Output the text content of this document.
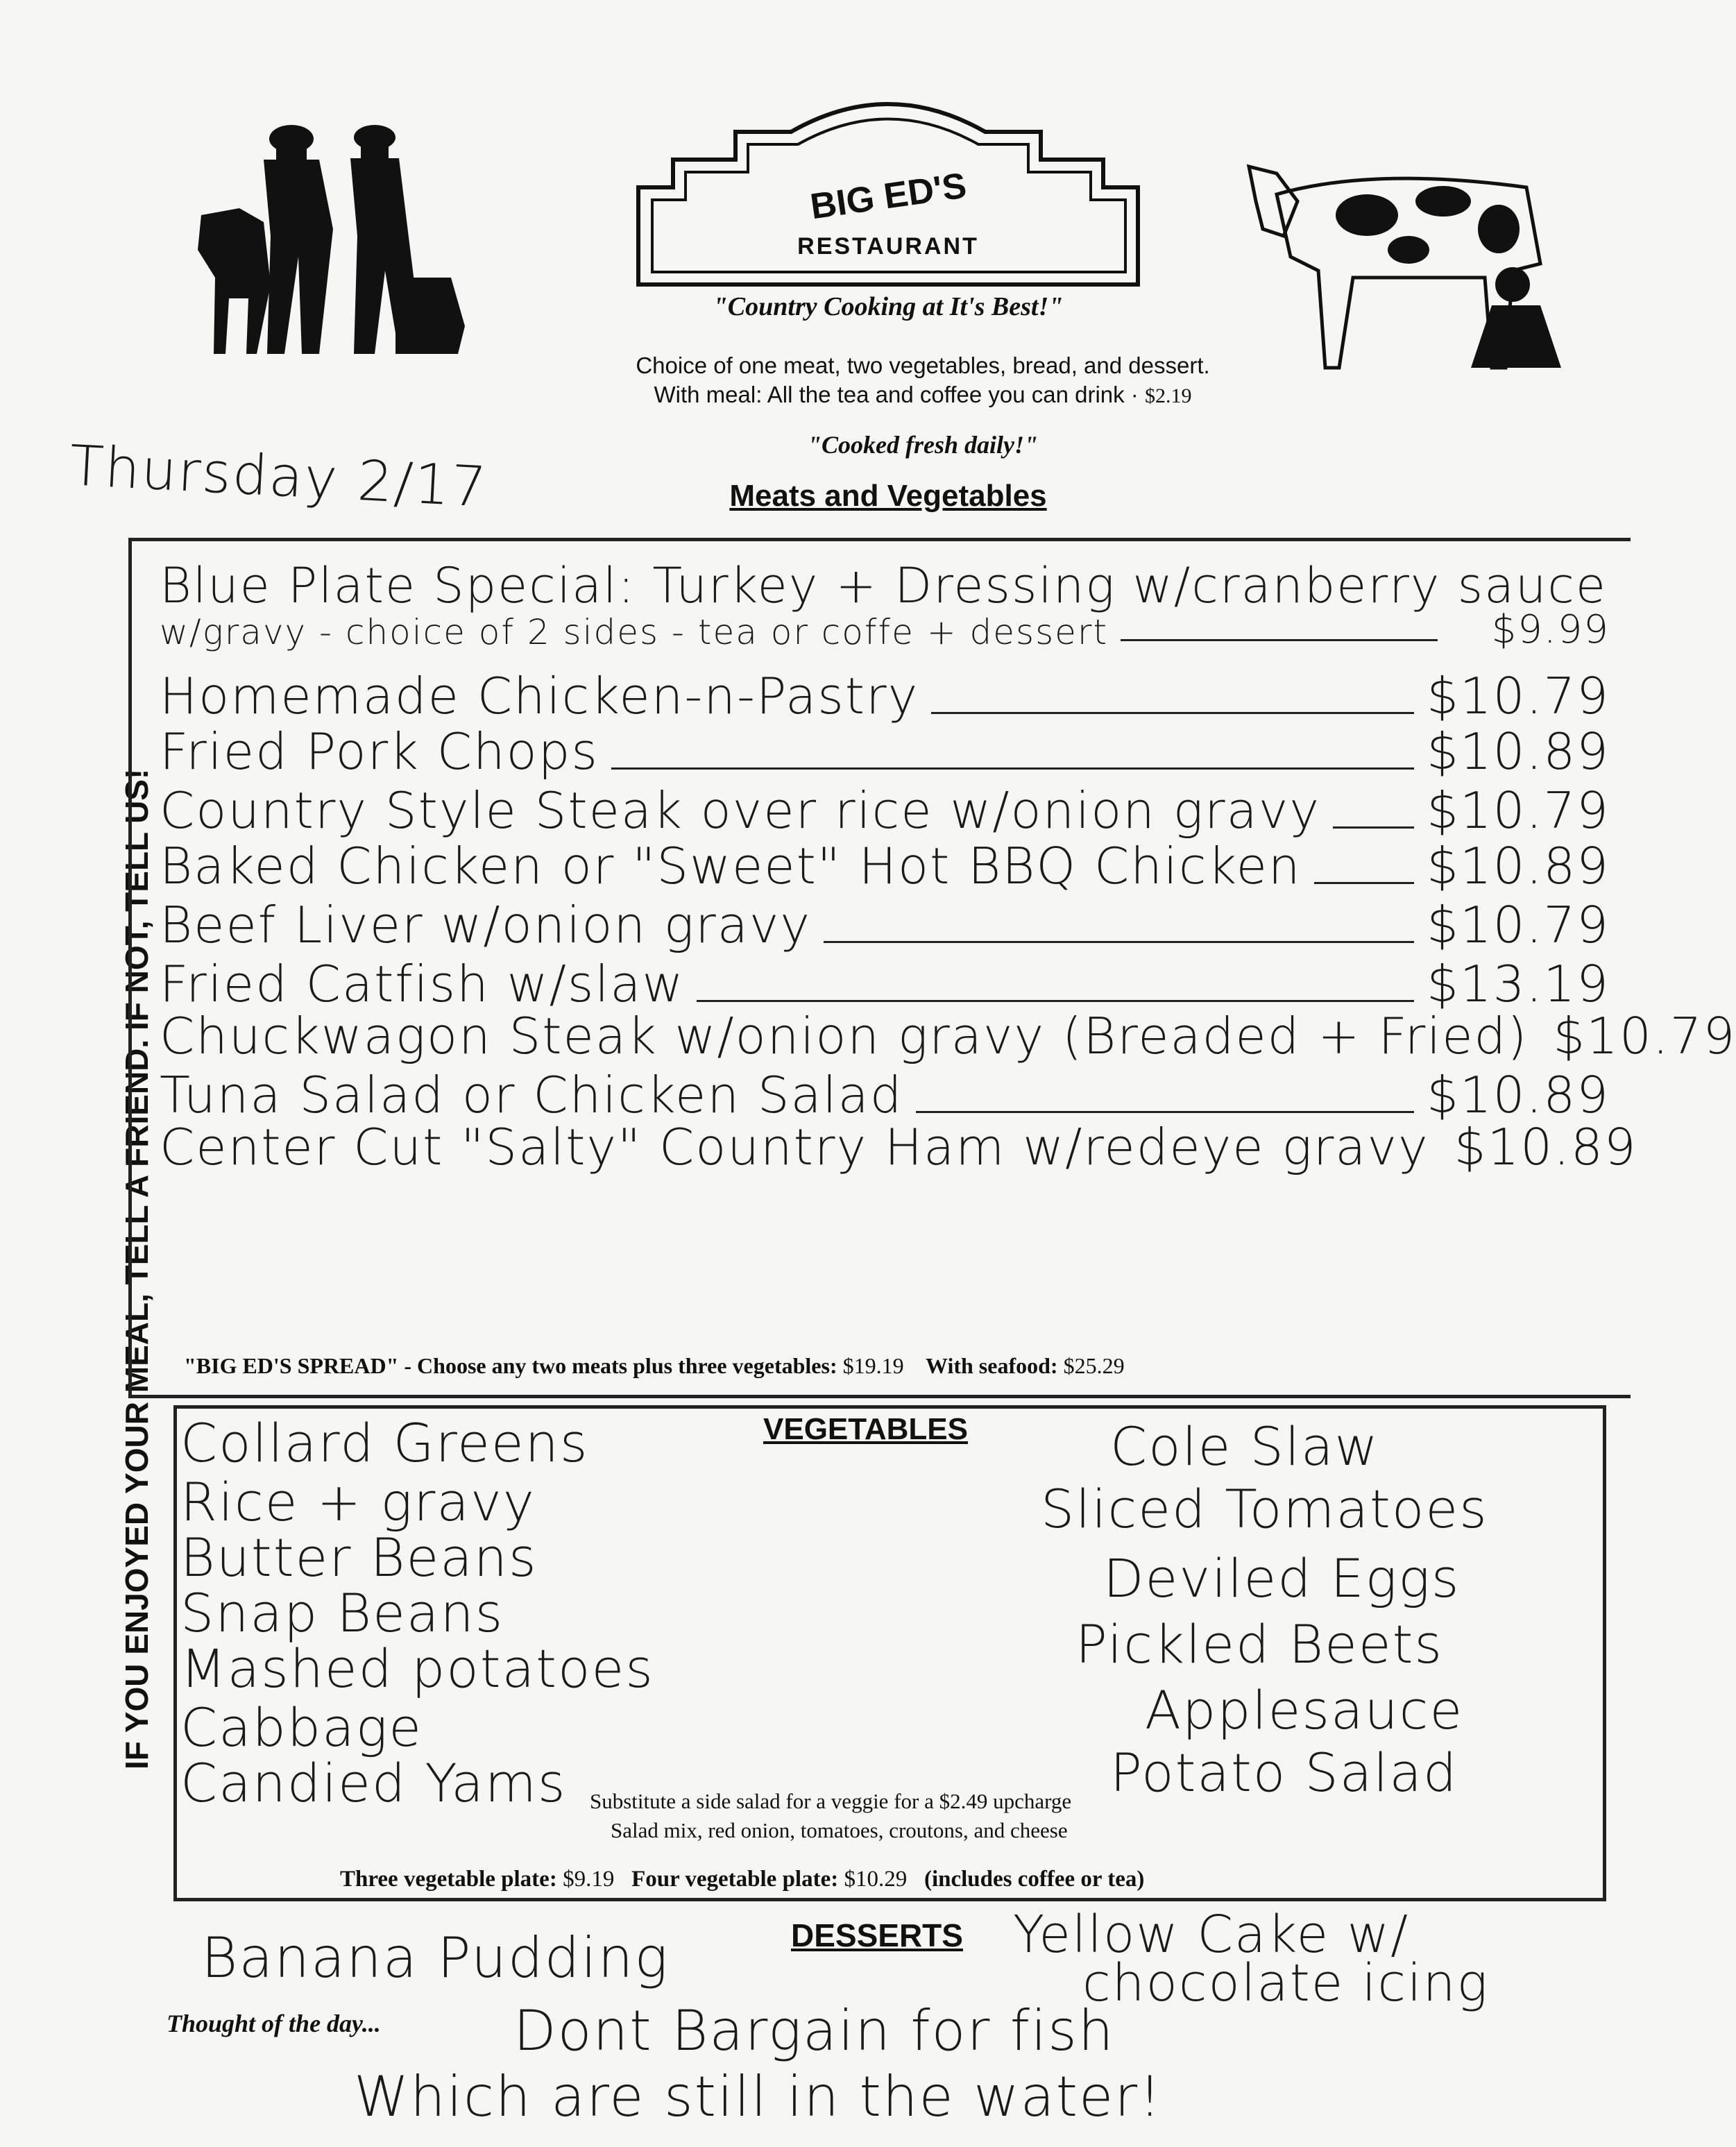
BIG ED'S
RESTAURANT
"Country Cooking at It's Best!"
Choice of one meat, two vegetables, bread, and dessert.
With meal: All the tea and coffee you can drink · $2.19
"Cooked fresh daily!"
Meats and Vegetables
Thursday 2/17
IF YOU ENJOYED YOUR MEAL, TELL A FRIEND. IF NOT, TELL US!
Blue Plate Special: Turkey + Dressing w/cranberry sauce
w/gravy - choice of 2 sides - tea or coffe + dessert	$9.99
Homemade Chicken-n-Pastry	$10.79
Fried Pork Chops	$10.89
Country Style Steak over rice w/onion gravy $10.79
Baked Chicken or "Sweet" Hot BBQ Chicken	$10.89
Beef Liver w/onion gravy	$10.79
Fried Catfish w/slaw	$13.19
Chuckwagon Steak w/onion gravy (Breaded + Fried) $10.79
Tuna Salad or Chicken Salad	$10.89
Center Cut "Salty" Country Ham w/redeye gravy $10.89
"BIG ED'S SPREAD" - Choose any two meats plus three vegetables: $19.19 With seafood: $25.29
VEGETABLES
Collard Greens
Rice + gravy
Butter Beans
Snap Beans
Mashed potatoes
Cabbage
Candied Yams
Cole Slaw
Sliced Tomatoes
Deviled Eggs
Pickled Beets
Applesauce
Potato Salad
Substitute a side salad for a veggie for a $2.49 upcharge
Salad mix, red onion, tomatoes, croutons, and cheese
Three vegetable plate: $9.19 Four vegetable plate: $10.29 (includes coffee or tea)
DESSERTS
Banana Pudding	Yellow Cake w/
chocolate icing
Thought of the day... Dont Bargain for fish
Which are still in the water!
